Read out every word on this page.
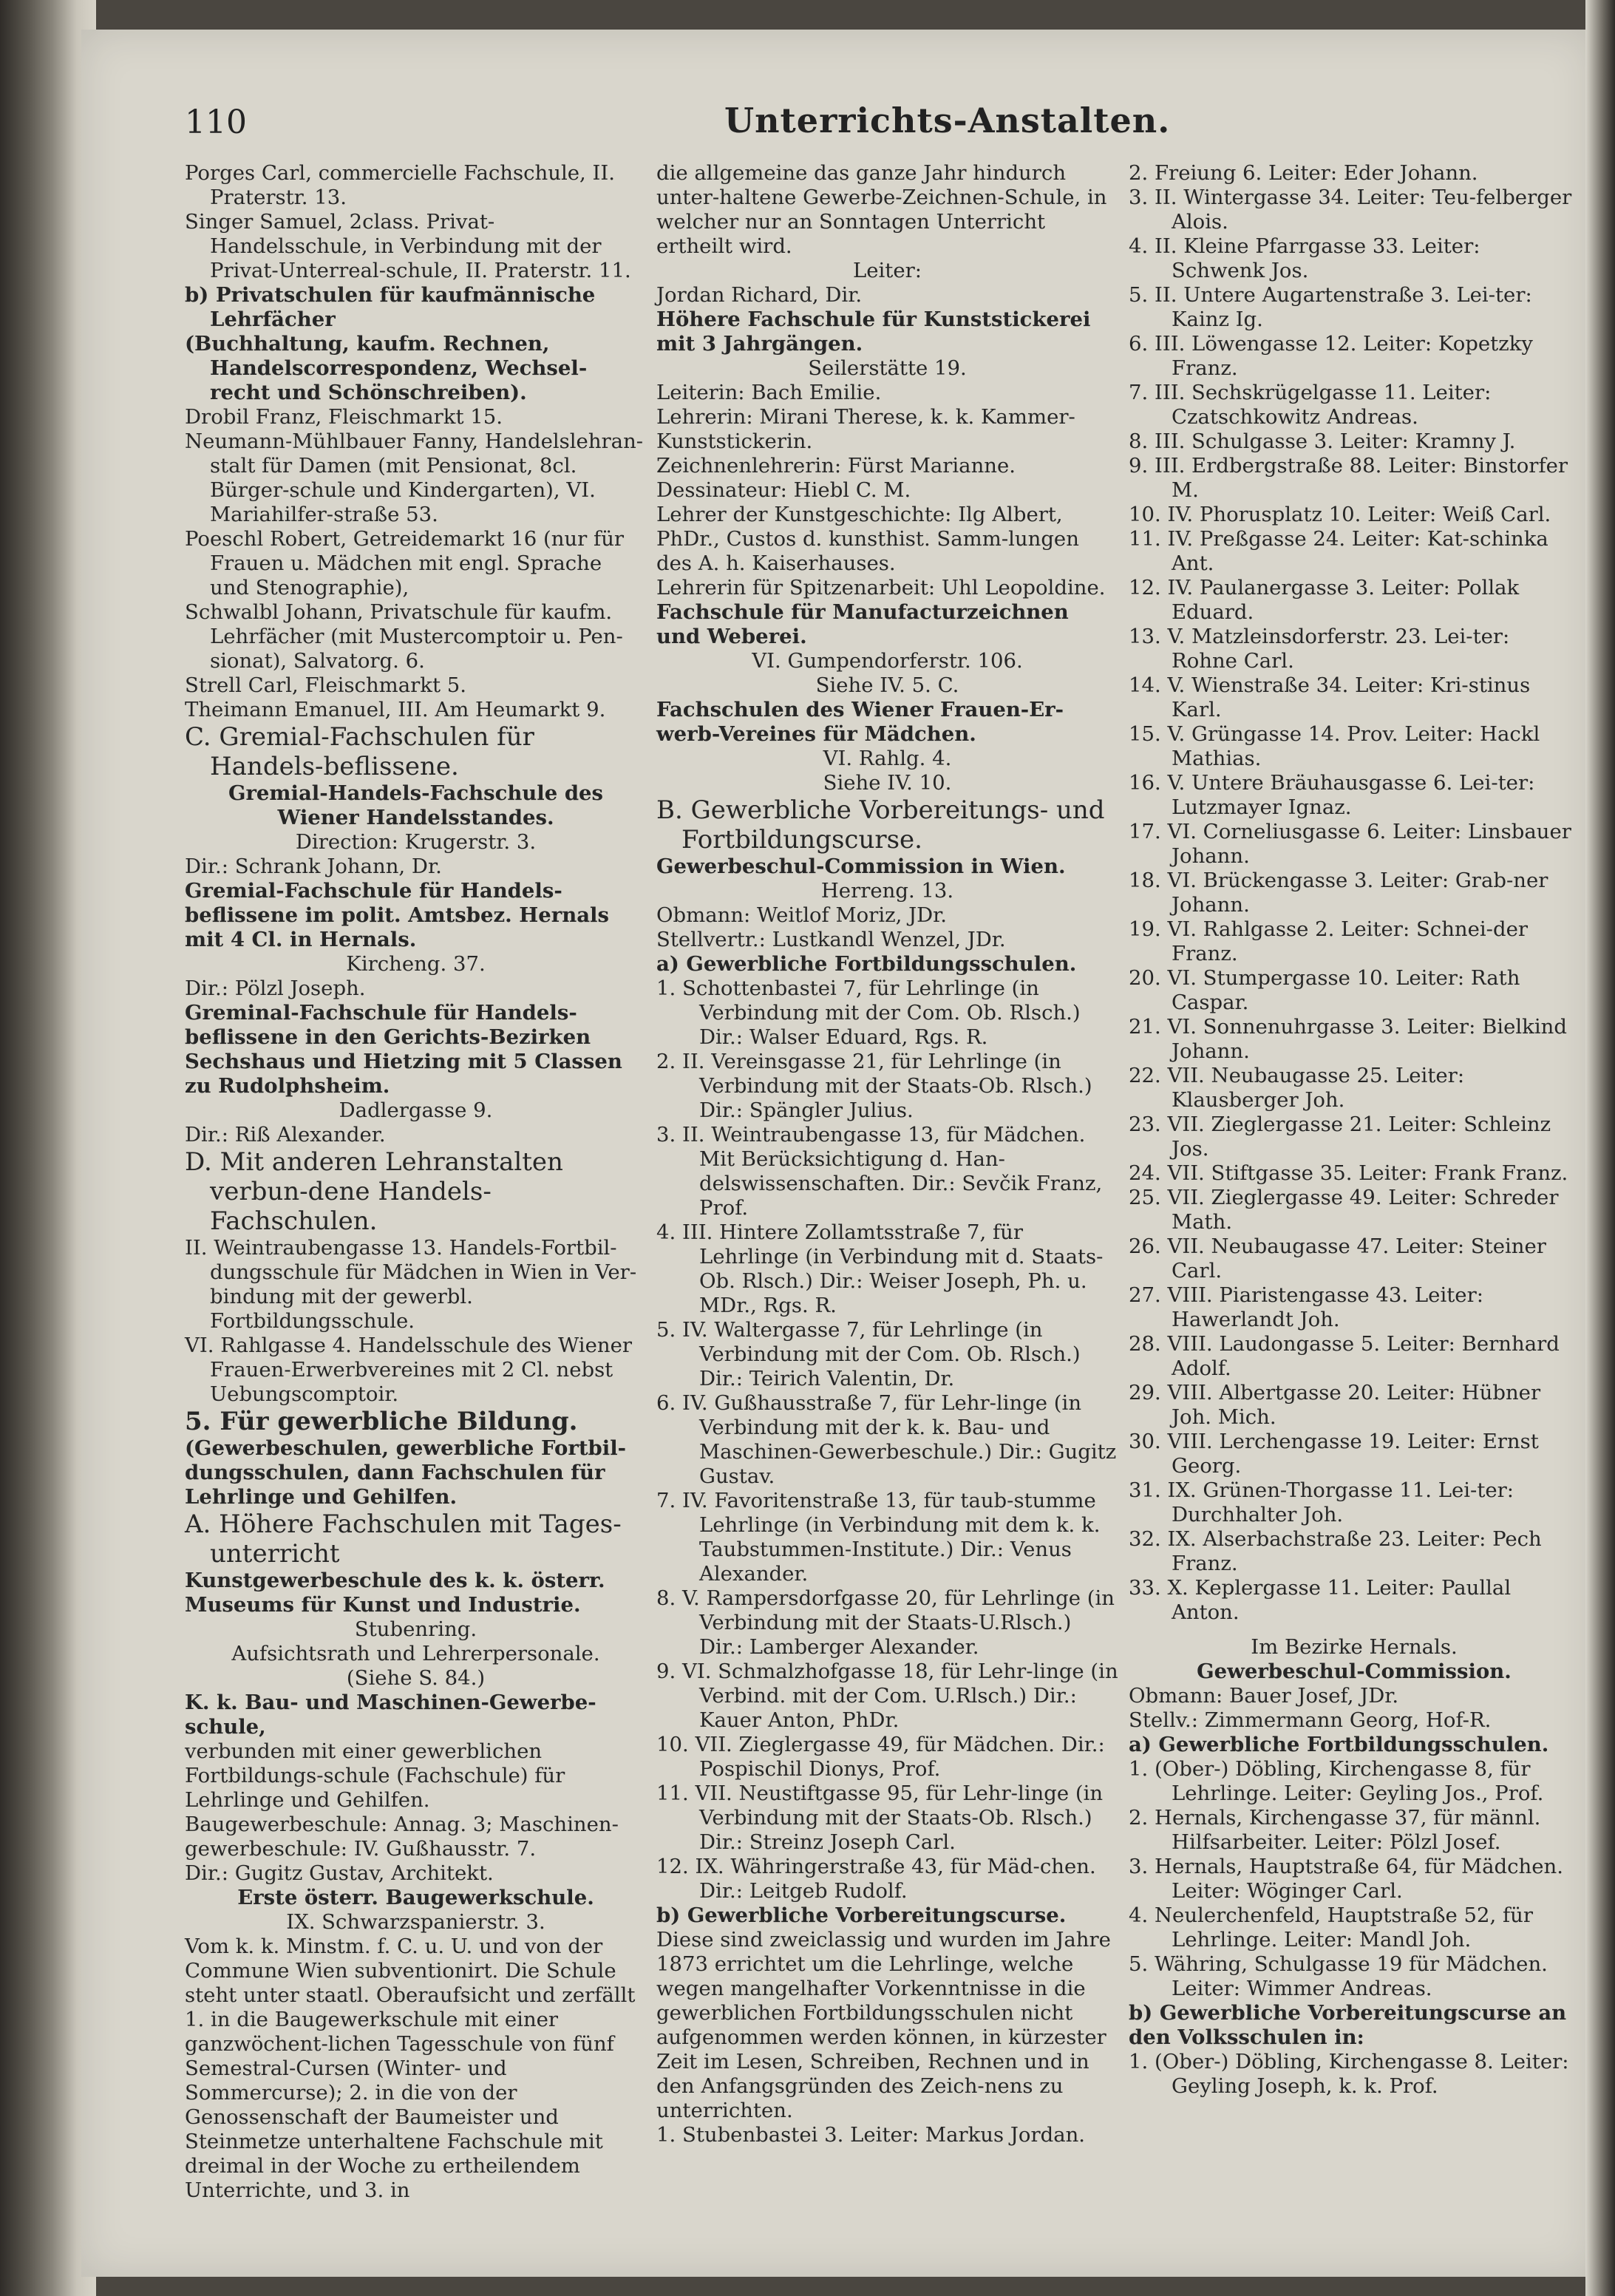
110	Unterrichts-Anstalten.

Porges Carl, commercielle Fachschule, II. Praterstr. 13.

Singer Samuel, 2class. Privat-Handelsschule, in Verbindung mit der Privat-Unterreal-schule, II. Praterstr. 11.

b) Privatschulen für kaufmännische Lehrfächer

(Buchhaltung, kaufm. Rechnen, Handelscorrespondenz, Wechsel-recht und Schönschreiben).

Drobil Franz, Fleischmarkt 15.

Neumann-Mühlbauer Fanny, Handelslehran-stalt für Damen (mit Pensionat, 8cl. Bürger-schule und Kindergarten), VI. Mariahilfer-straße 53.

Poeschl Robert, Getreidemarkt 16 (nur für Frauen u. Mädchen mit engl. Sprache und Stenographie),

Schwalbl Johann, Privatschule für kaufm. Lehrfächer (mit Mustercomptoir u. Pen-sionat), Salvatorg. 6.

Strell Carl, Fleischmarkt 5.

Theimann Emanuel, III. Am Heumarkt 9.

C. Gremial-Fachschulen für Handels-beflissene.

Gremial-Handels-Fachschule des Wiener Handelsstandes.

Direction: Krugerstr. 3.

Dir.: Schrank Johann, Dr.

Gremial-Fachschule für Handels-beflissene im polit. Amtsbez. Hernals mit 4 Cl. in Hernals.

Kircheng. 37.

Dir.: Pölzl Joseph.

Greminal-Fachschule für Handels-beflissene in den Gerichts-Bezirken Sechshaus und Hietzing mit 5 Classen zu Rudolphsheim.

Dadlergasse 9.

Dir.: Riß Alexander.

D. Mit anderen Lehranstalten verbun-dene Handels-Fachschulen.

II. Weintraubengasse 13. Handels-Fortbil-dungsschule für Mädchen in Wien in Ver-bindung mit der gewerbl. Fortbildungsschule.

VI. Rahlgasse 4. Handelsschule des Wiener Frauen-Erwerbvereines mit 2 Cl. nebst Uebungscomptoir.

5. Für gewerbliche Bildung.

(Gewerbeschulen, gewerbliche Fortbil-dungsschulen, dann Fachschulen für Lehrlinge und Gehilfen.

A. Höhere Fachschulen mit Tages-unterricht

Kunstgewerbeschule des k. k. österr. Museums für Kunst und Industrie.

Stubenring.

Aufsichtsrath und Lehrerpersonale.

(Siehe S. 84.)

K. k. Bau- und Maschinen-Gewerbe-schule,

verbunden mit einer gewerblichen Fortbildungs-schule (Fachschule) für Lehrlinge und Gehilfen.

Baugewerbeschule: Annag. 3; Maschinen-gewerbeschule: IV. Gußhausstr. 7.

Dir.: Gugitz Gustav, Architekt.

Erste österr. Baugewerkschule.

IX. Schwarzspanierstr. 3.

Vom k. k. Minstm. f. C. u. U. und von der Commune Wien subventionirt. Die Schule steht unter staatl. Oberaufsicht und zerfällt 1. in die Baugewerkschule mit einer ganzwöchent-lichen Tagesschule von fünf Semestral-Cursen (Winter- und Sommercurse); 2. in die von der Genossenschaft der Baumeister und Steinmetze unterhaltene Fachschule mit dreimal in der Woche zu ertheilendem Unterrichte, und 3. in

die allgemeine das ganze Jahr hindurch unter-haltene Gewerbe-Zeichnen-Schule, in welcher nur an Sonntagen Unterricht ertheilt wird.

Leiter:

Jordan Richard, Dir.

Höhere Fachschule für Kunststickerei mit 3 Jahrgängen.

Seilerstätte 19.

Leiterin: Bach Emilie.

Lehrerin: Mirani Therese, k. k. Kammer-Kunststickerin.

Zeichnenlehrerin: Fürst Marianne.

Dessinateur: Hiebl C. M.

Lehrer der Kunstgeschichte: Ilg Albert, PhDr., Custos d. kunsthist. Samm-lungen des A. h. Kaiserhauses.

Lehrerin für Spitzenarbeit: Uhl Leopoldine.

Fachschule für Manufacturzeichnen und Weberei.

VI. Gumpendorferstr. 106.

Siehe IV. 5. C.

Fachschulen des Wiener Frauen-Er-werb-Vereines für Mädchen.

VI. Rahlg. 4.

Siehe IV. 10.

B. Gewerbliche Vorbereitungs- und Fortbildungscurse.

Gewerbeschul-Commission in Wien.

Herreng. 13.

Obmann: Weitlof Moriz, JDr.

Stellvertr.: Lustkandl Wenzel, JDr.

a) Gewerbliche Fortbildungsschulen.

1. Schottenbastei 7, für Lehrlinge (in Verbindung mit der Com. Ob. Rlsch.) Dir.: Walser Eduard, Rgs. R.

2. II. Vereinsgasse 21, für Lehrlinge (in Verbindung mit der Staats-Ob. Rlsch.) Dir.: Spängler Julius.

3. II. Weintraubengasse 13, für Mädchen. Mit Berücksichtigung d. Han-delswissenschaften. Dir.: Sevčik Franz, Prof.

4. III. Hintere Zollamtsstraße 7, für Lehrlinge (in Verbindung mit d. Staats-Ob. Rlsch.) Dir.: Weiser Joseph, Ph. u. MDr., Rgs. R.

5. IV. Waltergasse 7, für Lehrlinge (in Verbindung mit der Com. Ob. Rlsch.) Dir.: Teirich Valentin, Dr.

6. IV. Gußhausstraße 7, für Lehr-linge (in Verbindung mit der k. k. Bau- und Maschinen-Gewerbeschule.) Dir.: Gugitz Gustav.

7. IV. Favoritenstraße 13, für taub-stumme Lehrlinge (in Verbindung mit dem k. k. Taubstummen-Institute.) Dir.: Venus Alexander.

8. V. Rampersdorfgasse 20, für Lehrlinge (in Verbindung mit der Staats-U.Rlsch.) Dir.: Lamberger Alexander.

9. VI. Schmalzhofgasse 18, für Lehr-linge (in Verbind. mit der Com. U.Rlsch.) Dir.: Kauer Anton, PhDr.

10. VII. Zieglergasse 49, für Mädchen. Dir.: Pospischil Dionys, Prof.

11. VII. Neustiftgasse 95, für Lehr-linge (in Verbindung mit der Staats-Ob. Rlsch.) Dir.: Streinz Joseph Carl.

12. IX. Währingerstraße 43, für Mäd-chen. Dir.: Leitgeb Rudolf.

b) Gewerbliche Vorbereitungscurse.

Diese sind zweiclassig und wurden im Jahre 1873 errichtet um die Lehrlinge, welche wegen mangelhafter Vorkenntnisse in die gewerblichen Fortbildungsschulen nicht aufgenommen werden können, in kürzester Zeit im Lesen, Schreiben, Rechnen und in den Anfangsgründen des Zeich-nens zu unterrichten.

1. Stubenbastei 3. Leiter: Markus Jordan.

2. Freiung 6. Leiter: Eder Johann.

3. II. Wintergasse 34. Leiter: Teu-felberger Alois.

4. II. Kleine Pfarrgasse 33. Leiter: Schwenk Jos.

5. II. Untere Augartenstraße 3. Lei-ter: Kainz Ig.

6. III. Löwengasse 12. Leiter: Kopetzky Franz.

7. III. Sechskrügelgasse 11. Leiter: Czatschkowitz Andreas.

8. III. Schulgasse 3. Leiter: Kramny J.

9. III. Erdbergstraße 88. Leiter: Binstorfer M.

10. IV. Phorusplatz 10. Leiter: Weiß Carl.

11. IV. Preßgasse 24. Leiter: Kat-schinka Ant.

12. IV. Paulanergasse 3. Leiter: Pollak Eduard.

13. V. Matzleinsdorferstr. 23. Lei-ter: Rohne Carl.

14. V. Wienstraße 34. Leiter: Kri-stinus Karl.

15. V. Grüngasse 14. Prov. Leiter: Hackl Mathias.

16. V. Untere Bräuhausgasse 6. Lei-ter: Lutzmayer Ignaz.

17. VI. Corneliusgasse 6. Leiter: Linsbauer Johann.

18. VI. Brückengasse 3. Leiter: Grab-ner Johann.

19. VI. Rahlgasse 2. Leiter: Schnei-der Franz.

20. VI. Stumpergasse 10. Leiter: Rath Caspar.

21. VI. Sonnenuhrgasse 3. Leiter: Bielkind Johann.

22. VII. Neubaugasse 25. Leiter: Klausberger Joh.

23. VII. Zieglergasse 21. Leiter: Schleinz Jos.

24. VII. Stiftgasse 35. Leiter: Frank Franz.

25. VII. Zieglergasse 49. Leiter: Schreder Math.

26. VII. Neubaugasse 47. Leiter: Steiner Carl.

27. VIII. Piaristengasse 43. Leiter: Hawerlandt Joh.

28. VIII. Laudongasse 5. Leiter: Bernhard Adolf.

29. VIII. Albertgasse 20. Leiter: Hübner Joh. Mich.

30. VIII. Lerchengasse 19. Leiter: Ernst Georg.

31. IX. Grünen-Thorgasse 11. Lei-ter: Durchhalter Joh.

32. IX. Alserbachstraße 23. Leiter: Pech Franz.

33. X. Keplergasse 11. Leiter: Paullal Anton.

Im Bezirke Hernals.

Gewerbeschul-Commission.

Obmann: Bauer Josef, JDr.

Stellv.: Zimmermann Georg, Hof-R.

a) Gewerbliche Fortbildungsschulen.

1. (Ober-) Döbling, Kirchengasse 8, für Lehrlinge. Leiter: Geyling Jos., Prof.

2. Hernals, Kirchengasse 37, für männl. Hilfsarbeiter. Leiter: Pölzl Josef.

3. Hernals, Hauptstraße 64, für Mädchen. Leiter: Wöginger Carl.

4. Neulerchenfeld, Hauptstraße 52, für Lehrlinge. Leiter: Mandl Joh.

5. Währing, Schulgasse 19 für Mädchen. Leiter: Wimmer Andreas.

b) Gewerbliche Vorbereitungscurse an den Volksschulen in:

1. (Ober-) Döbling, Kirchengasse 8. Leiter: Geyling Joseph, k. k. Prof.
